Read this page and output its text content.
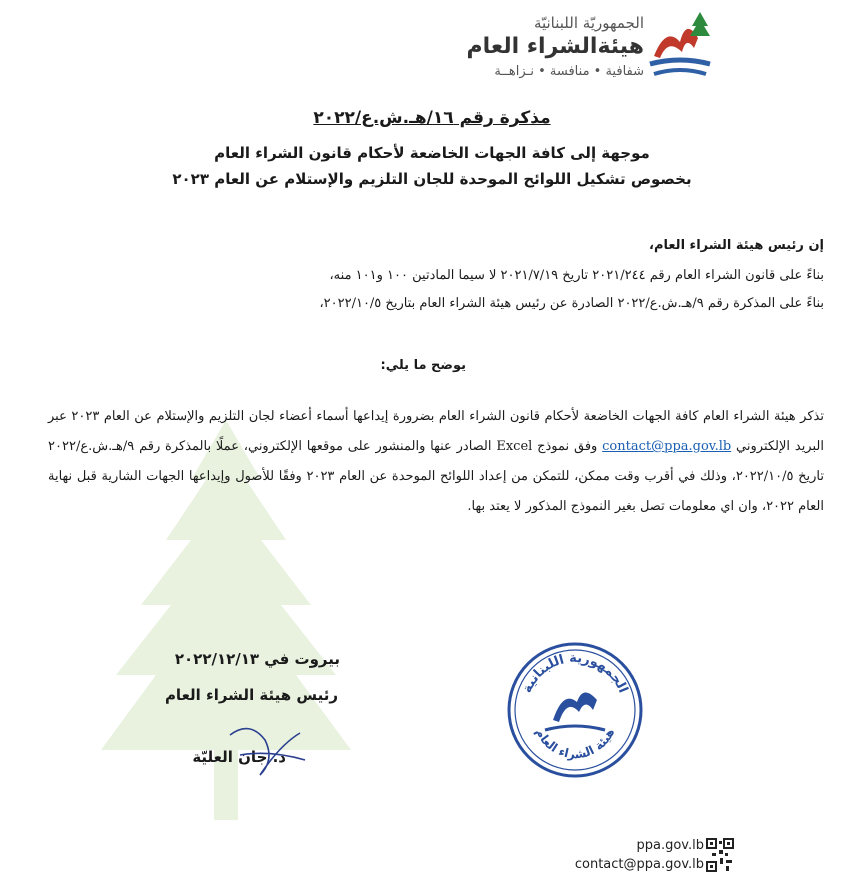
الجمهوريّة اللبنانيّة
هيئةالشراء العام
شفافية • منافسة • نـزاهــة
مذكرة رقم ١٦/هـ.ش.ع/٢٠٢٢
موجهة إلى كافة الجهات الخاضعة لأحكام قانون الشراء العام
بخصوص تشكيل اللوائح الموحدة للجان التلزيم والإستلام عن العام ٢٠٢٣
إن رئيس هيئة الشراء العام،
بناءً على قانون الشراء العام رقم ٢٠٢١/٢٤٤ تاريخ ٢٠٢١/٧/١٩ لا سيما المادتين ١٠٠ و١٠١ منه،
بناءً على المذكرة رقم ٩/هـ.ش.ع/٢٠٢٢ الصادرة عن رئيس هيئة الشراء العام بتاريخ ٢٠٢٢/١٠/٥،
يوضح ما يلي:
تذكر هيئة الشراء العام كافة الجهات الخاضعة لأحكام قانون الشراء العام بضرورة إيداعها أسماء أعضاء لجان التلزيم والإستلام عن العام ٢٠٢٣ عبر البريد الإلكتروني contact@ppa.gov.lb وفق نموذج Excel الصادر عنها والمنشور على موقعها الإلكتروني، عملًا بالمذكرة رقم ٩/هـ.ش.ع/٢٠٢٢ تاريخ ٢٠٢٢/١٠/٥، وذلك في أقرب وقت ممكن، للتمكن من إعداد اللوائح الموحدة عن العام ٢٠٢٣ وفقًا للأصول وإيداعها الجهات الشارية قبل نهاية العام ٢٠٢٢، وان اي معلومات تصل بغير النموذج المذكور لا يعتد بها.
بيروت في ٢٠٢٢/١٢/١٣
رئيس هيئة الشراء العام
د. جان العليّة
الجمهورية اللبنانية
هيئة الشراء العام
ppa.gov.lb
contact@ppa.gov.lb
